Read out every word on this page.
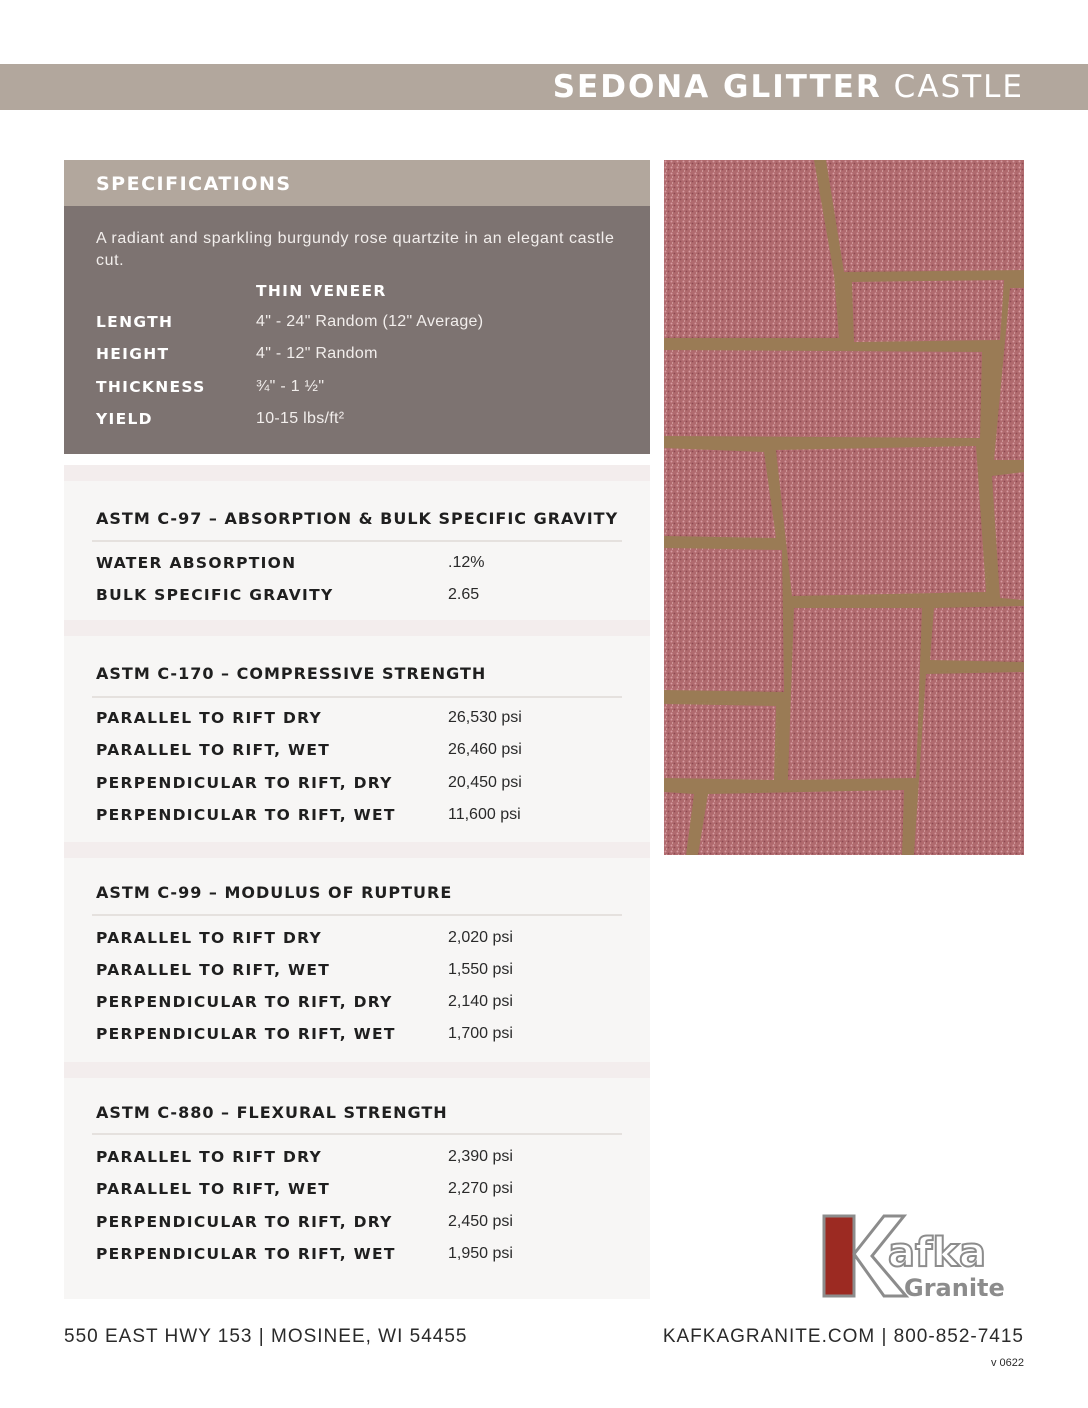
SEDONA GLITTER CASTLE
SPECIFICATIONS
A radiant and sparkling burgundy rose quartzite in an elegant castle cut.
THIN VENEER
LENGTH	4" - 24" Random (12" Average)
HEIGHT	4" - 12" Random
THICKNESS	¾" - 1 ½"
YIELD	10-15 lbs/ft²
ASTM C-97 – ABSORPTION & BULK SPECIFIC GRAVITY
WATER ABSORPTION	.12%
BULK SPECIFIC GRAVITY	2.65
ASTM C-170 – COMPRESSIVE STRENGTH
PARALLEL TO RIFT DRY	26,530 psi
PARALLEL TO RIFT, WET	26,460 psi
PERPENDICULAR TO RIFT, DRY	20,450 psi
PERPENDICULAR TO RIFT, WET	11,600 psi
ASTM C-99 – MODULUS OF RUPTURE
PARALLEL TO RIFT DRY	2,020 psi
PARALLEL TO RIFT, WET	1,550 psi
PERPENDICULAR TO RIFT, DRY	2,140 psi
PERPENDICULAR TO RIFT, WET	1,700 psi
ASTM C-880 – FLEXURAL STRENGTH
PARALLEL TO RIFT DRY	2,390 psi
PARALLEL TO RIFT, WET	2,270 psi
PERPENDICULAR TO RIFT, DRY	2,450 psi
PERPENDICULAR TO RIFT, WET	1,950 psi	afka
Granite
550 EAST HWY 153 | MOSINEE, WI 54455	KAFKAGRANITE.COM | 800-852-7415
v 0622
